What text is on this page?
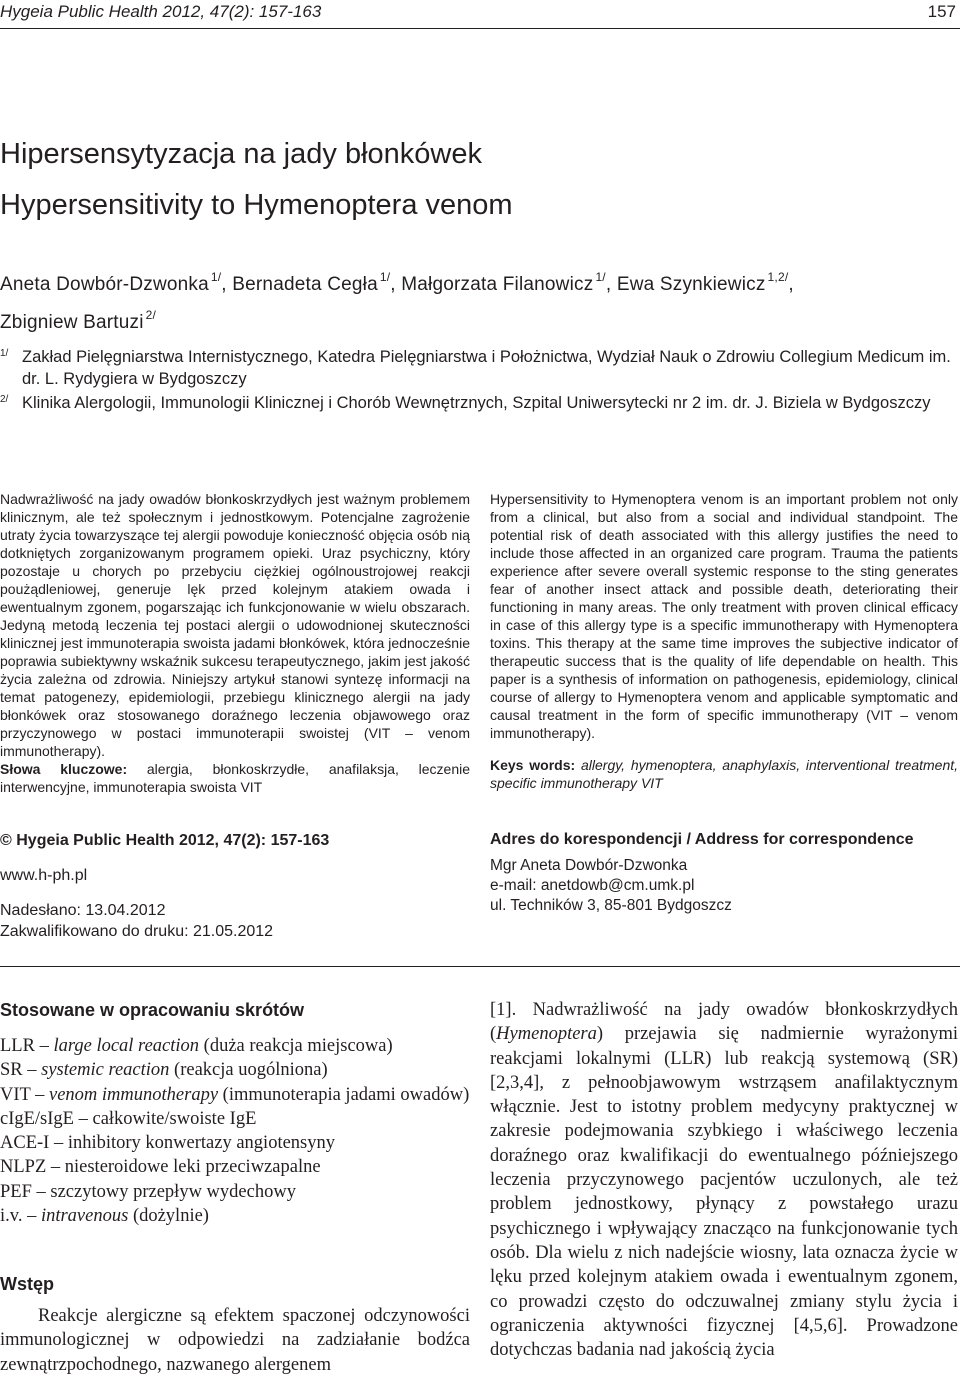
Hygeia Public Health 2012, 47(2): 157-163	157
Hipersensytyzacja na jady błonkówek
Hypersensitivity to Hymenoptera venom
Aneta Dowbór-Dzwonka $^{1/}$, Bernadeta Cegła $^{1/}$, Małgorzata Filanowicz $^{1/}$, Ewa Szynkiewicz $^{1,2/}$,
Zbigniew Bartuzi $^{2/}$
1/ Zakład Pielęgniarstwa Internistycznego, Katedra Pielęgniarstwa i Położnictwa, Wydział Nauk o Zdrowiu Collegium Medicum im. dr. L. Rydygiera w Bydgoszczy
2/ Klinika Alergologii, Immunologii Klinicznej i Chorób Wewnętrznych, Szpital Uniwersytecki nr 2 im. dr. J. Biziela w Bydgoszczy
Nadwrażliwość na jady owadów błonkoskrzydłych jest ważnym problemem klinicznym, ale też społecznym i jednostkowym. Potencjalne zagrożenie utraty życia towarzyszące tej alergii powoduje konieczność objęcia osób nią dotkniętych zorganizowanym programem opieki. Uraz psychiczny, który pozostaje u chorych po przebyciu ciężkiej ogólnoustrojowej reakcji poużądleniowej, generuje lęk przed kolejnym atakiem owada i ewentualnym zgonem, pogarszając ich funkcjonowanie w wielu obszarach. Jedyną metodą leczenia tej postaci alergii o udowodnionej skuteczności klinicznej jest immunoterapia swoista jadami błonkówek, która jednocześnie poprawia subiektywny wskaźnik sukcesu terapeutycznego, jakim jest jakość życia zależna od zdrowia. Niniejszy artykuł stanowi syntezę informacji na temat patogenezy, epidemiologii, przebiegu klinicznego alergii na jady błonkówek oraz stosowanego doraźnego leczenia objawowego oraz przyczynowego w postaci immunoterapii swoistej (VIT – venom immunotherapy).
Słowa kluczowe: alergia, błonkoskrzydłe, anafilaksja, leczenie interwencyjne, immunoterapia swoista VIT
Hypersensitivity to Hymenoptera venom is an important problem not only from a clinical, but also from a social and individual standpoint. The potential risk of death associated with this allergy justifies the need to include those affected in an organized care program. Trauma the patients experience after severe overall systemic response to the sting generates fear of another insect attack and possible death, deteriorating their functioning in many areas. The only treatment with proven clinical efficacy in case of this allergy type is a specific immunotherapy with Hymenoptera toxins. This therapy at the same time improves the subjective indicator of therapeutic success that is the quality of life dependable on health. This paper is a synthesis of information on pathogenesis, epidemiology, clinical course of allergy to Hymenoptera venom and applicable symptomatic and causal treatment in the form of specific immunotherapy (VIT – venom immunotherapy).
Keys words: allergy, hymenoptera, anaphylaxis, interventional treatment, specific immunotherapy VIT
© Hygeia Public Health 2012, 47(2): 157-163
www.h-ph.pl
Nadesłano: 13.04.2012
Zakwalifikowano do druku: 21.05.2012
Adres do korespondencji / Address for correspondence
Mgr Aneta Dowbór-Dzwonka
e-mail: anetdowb@cm.umk.pl
ul. Techników 3, 85-801 Bydgoszcz
Stosowane w opracowaniu skrótów
LLR – large local reaction (duża reakcja miejscowa)
SR – systemic reaction (reakcja uogólniona)
VIT – venom immunotherapy (immunoterapia jadami owadów)
cIgE/sIgE – całkowite/swoiste IgE
ACE-I – inhibitory konwertazy angiotensyny
NLPZ – niesteroidowe leki przeciwzapalne
PEF – szczytowy przepływ wydechowy
i.v. – intravenous (dożylnie)
Wstęp
Reakcje alergiczne są efektem spaczonej odczynowości immunologicznej w odpowiedzi na zadziałanie bodźca zewnątrzpochodnego, nazwanego alergenem
[1]. Nadwrażliwość na jady owadów błonkoskrzydłych (Hymenoptera) przejawia się nadmiernie wyrażonymi reakcjami lokalnymi (LLR) lub reakcją systemową (SR) [2,3,4], z pełnoobjawowym wstrząsem anafilaktycznym włącznie. Jest to istotny problem medycyny praktycznej w zakresie podejmowania szybkiego i właściwego leczenia doraźnego oraz kwalifikacji do ewentualnego późniejszego leczenia przyczynowego pacjentów uczulonych, ale też problem jednostkowy, płynący z powstałego urazu psychicznego i wpływający znacząco na funkcjonowanie tych osób. Dla wielu z nich nadejście wiosny, lata oznacza życie w lęku przed kolejnym atakiem owada i ewentualnym zgonem, co prowadzi często do odczuwalnej zmiany stylu życia i ograniczenia aktywności fizycznej [4,5,6]. Prowadzone dotychczas badania nad jakością życia
